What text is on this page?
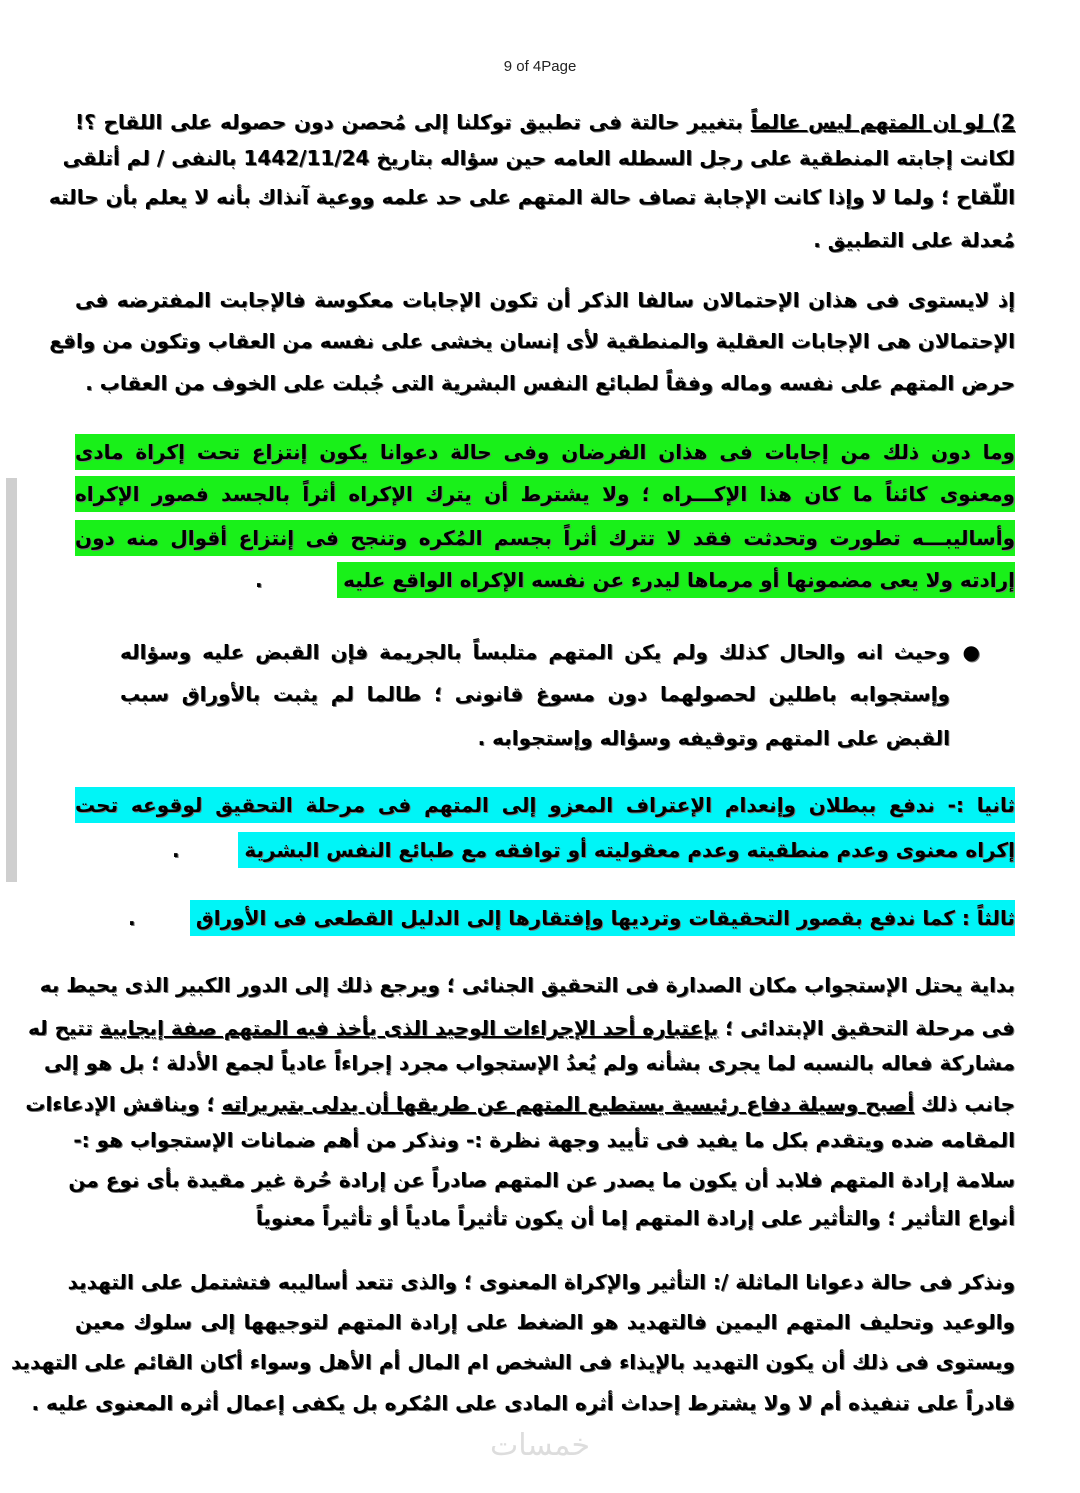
9 of 4Page
2) لو ان المتهم ليس عالماً بتغيير حالتة فى تطبيق توكلنا إلى مُحصن دون حصوله على اللقاح ؟!
لكانت إجابته المنطقية على رجل السطله العامه حين سؤاله بتاريخ 1442/11/24 بالنفى / لم أتلقى
اللّقاح ؛ ولما لا وإذا كانت الإجابة تصاف حالة المتهم على حد علمه ووعية آنذاك بأنه لا يعلم بأن حالته
مُعدلة على التطبيق .
إذ لايستوى فى هذان الإحتمالان سالفا الذكر أن تكون الإجابات معكوسة فالإجابت المفترضه فى
الإحتمالان هى الإجابات العقلية والمنطقية لأى إنسان يخشى على نفسه من العقاب وتكون من واقع
حرض المتهم على نفسه وماله وفقاً لطبائع النفس البشرية التى جُبلت على الخوف من العقاب .
وما دون ذلك من إجابات فى هذان الفرضان وفى حالة دعوانا يكون إنتزاع تحت إكراة مادى
ومعنوى كائناً ما كان هذا الإكـــراه ؛ ولا يشترط أن يترك الإكراه أثراً بالجسد فصور الإكراه
وأساليبـــه تطورت وتحدثت فقد لا تترك أثراً بجسم المُكره وتنجح فى إنتزاع أقوال منه دون
إرادته ولا يعى مضمونها أو مرماها ليدرء عن نفسه الإكراه الواقع عليه
.
●
وحيث انه والحال كذلك ولم يكن المتهم متلبساً بالجريمة فإن القبض عليه وسؤاله
وإستجوابه باطلين لحصولهما دون مسوغ قانونى ؛ طالما لم يثبت بالأوراق سبب
القبض على المتهم وتوقيفه وسؤاله وإستجوابه .
ثانيا :- ندفع ببطلان وإنعدام الإعتراف المعزو إلى المتهم فى مرحلة التحقيق لوقوعه تحت
إكراه معنوى وعدم منطقيته وعدم معقوليته أو توافقه مع طبائع النفس البشرية
.
ثالثاً : كما ندفع بقصور التحقيقات وترديها وإفتقارها إلى الدليل القطعى فى الأوراق
.
بداية يحتل الإستجواب مكان الصدارة فى التحقيق الجنائى ؛ ويرجع ذلك إلى الدور الكبير الذى يحيط به
فى مرحلة التحقيق الإبتدائى ؛ بإعتباره أحد الإجراءات الوحيد الذى يأخذ فيه المتهم صفة إيجابية تتيح له
مشاركة فعاله بالنسبه لما يجرى بشأنه ولم يُعدُ الإستجواب مجرد إجراءاً عادياً لجمع الأدلة ؛ بل هو إلى
جانب ذلك أصبح وسيلة دفاع رئيسية يستطيع المتهم عن طريقها أن يدلى بتبريراته ؛ ويناقش الإدعاءات
المقامه ضده ويتقدم بكل ما يفيد فى تأييد وجهة نظرة :- ونذكر من أهم ضمانات الإستجواب هو :-
سلامة إرادة المتهم فلابد أن يكون ما يصدر عن المتهم صادراً عن إرادة حُرة غير مقيدة بأى نوع من
أنواع التأثير ؛ والتأثير على إرادة المتهم إما أن يكون تأثيراً مادياً أو تأثيراً معنوياً
ونذكر فى حالة دعوانا الماثلة /: التأثير والإكراة المعنوى ؛ والذى تتعد أساليبه فتشتمل على التهديد
والوعيد وتحليف المتهم اليمين فالتهديد هو الضغط على إرادة المتهم لتوجيهها إلى سلوك معين
ويستوى فى ذلك أن يكون التهديد بالإيذاء فى الشخص ام المال أم الأهل وسواء أكان القائم على التهديد
قادراً على تنفيذه أم لا ولا يشترط إحداث أثره المادى على المُكره بل يكفى إعمال أثره المعنوى عليه .
خمسات
